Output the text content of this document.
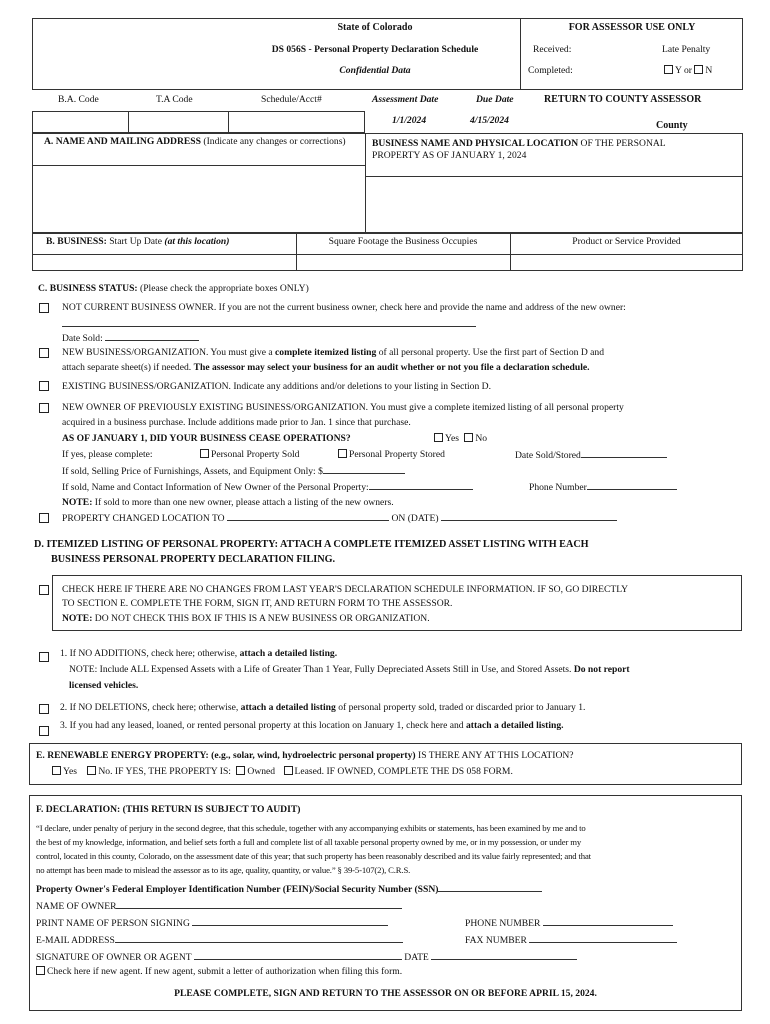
State of Colorado
DS 056S - Personal Property Declaration Schedule
Confidential Data
FOR ASSESSOR USE ONLY
Received:	Late Penalty
Completed:	Y or N
B.A. Code	T.A Code	Schedule/Acct#	Assessment Date	Due Date	RETURN TO COUNTY ASSESSOR
1/1/2024	4/15/2024	County
A. NAME AND MAILING ADDRESS (Indicate any changes or corrections)	BUSINESS NAME AND PHYSICAL LOCATION OF THE PERSONAL PROPERTY AS OF JANUARY 1, 2024
B. BUSINESS: Start Up Date (at this location)	Square Footage the Business Occupies	Product or Service Provided
C. BUSINESS STATUS: (Please check the appropriate boxes ONLY)
NOT CURRENT BUSINESS OWNER. If you are not the current business owner, check here and provide the name and address of the new owner:
Date Sold:
NEW BUSINESS/ORGANIZATION. You must give a complete itemized listing of all personal property. Use the first part of Section D and
attach separate sheet(s) if needed. The assessor may select your business for an audit whether or not you file a declaration schedule.
EXISTING BUSINESS/ORGANIZATION. Indicate any additions and/or deletions to your listing in Section D.
NEW OWNER OF PREVIOUSLY EXISTING BUSINESS/ORGANIZATION. You must give a complete itemized listing of all personal property
acquired in a business purchase. Include additions made prior to Jan. 1 since that purchase.
AS OF JANUARY 1, DID YOUR BUSINESS CEASE OPERATIONS?	Yes No
If yes, please complete:	Personal Property Sold	Personal Property Stored	Date Sold/Stored
If sold, Selling Price of Furnishings, Assets, and Equipment Only: $
If sold, Name and Contact Information of New Owner of the Personal Property:	Phone Number
NOTE: If sold to more than one new owner, please attach a listing of the new owners.
PROPERTY CHANGED LOCATION TO	ON (DATE)
D. ITEMIZED LISTING OF PERSONAL PROPERTY: ATTACH A COMPLETE ITEMIZED ASSET LISTING WITH EACH
BUSINESS PERSONAL PROPERTY DECLARATION FILING.
CHECK HERE IF THERE ARE NO CHANGES FROM LAST YEAR'S DECLARATION SCHEDULE INFORMATION. IF SO, GO DIRECTLY
TO SECTION E. COMPLETE THE FORM, SIGN IT, AND RETURN FORM TO THE ASSESSOR.
NOTE: DO NOT CHECK THIS BOX IF THIS IS A NEW BUSINESS OR ORGANIZATION.
1. If NO ADDITIONS, check here; otherwise, attach a detailed listing.
NOTE: Include ALL Expensed Assets with a Life of Greater Than 1 Year, Fully Depreciated Assets Still in Use, and Stored Assets. Do not report
licensed vehicles.
2. If NO DELETIONS, check here; otherwise, attach a detailed listing of personal property sold, traded or discarded prior to January 1.
3. If you had any leased, loaned, or rented personal property at this location on January 1, check here and attach a detailed listing.
E. RENEWABLE ENERGY PROPERTY: (e.g., solar, wind, hydroelectric personal property) IS THERE ANY AT THIS LOCATION?
Yes No. IF YES, THE PROPERTY IS: Owned Leased. IF OWNED, COMPLETE THE DS 058 FORM.
F. DECLARATION: (THIS RETURN IS SUBJECT TO AUDIT)
“I declare, under penalty of perjury in the second degree, that this schedule, together with any accompanying exhibits or statements, has been examined by me and to
the best of my knowledge, information, and belief sets forth a full and complete list of all taxable personal property owned by me, or in my possession, or under my
control, located in this county, Colorado, on the assessment date of this year; that such property has been reasonably described and its value fairly represented; and that
no attempt has been made to mislead the assessor as to its age, quality, quantity, or value.” § 39-5-107(2), C.R.S.
Property Owner's Federal Employer Identification Number (FEIN)/Social Security Number (SSN)
NAME OF OWNER
PRINT NAME OF PERSON SIGNING	PHONE NUMBER
E-MAIL ADDRESS	FAX NUMBER
SIGNATURE OF OWNER OR AGENT	DATE
Check here if new agent. If new agent, submit a letter of authorization when filing this form.
PLEASE COMPLETE, SIGN AND RETURN TO THE ASSESSOR ON OR BEFORE APRIL 15, 2024.
